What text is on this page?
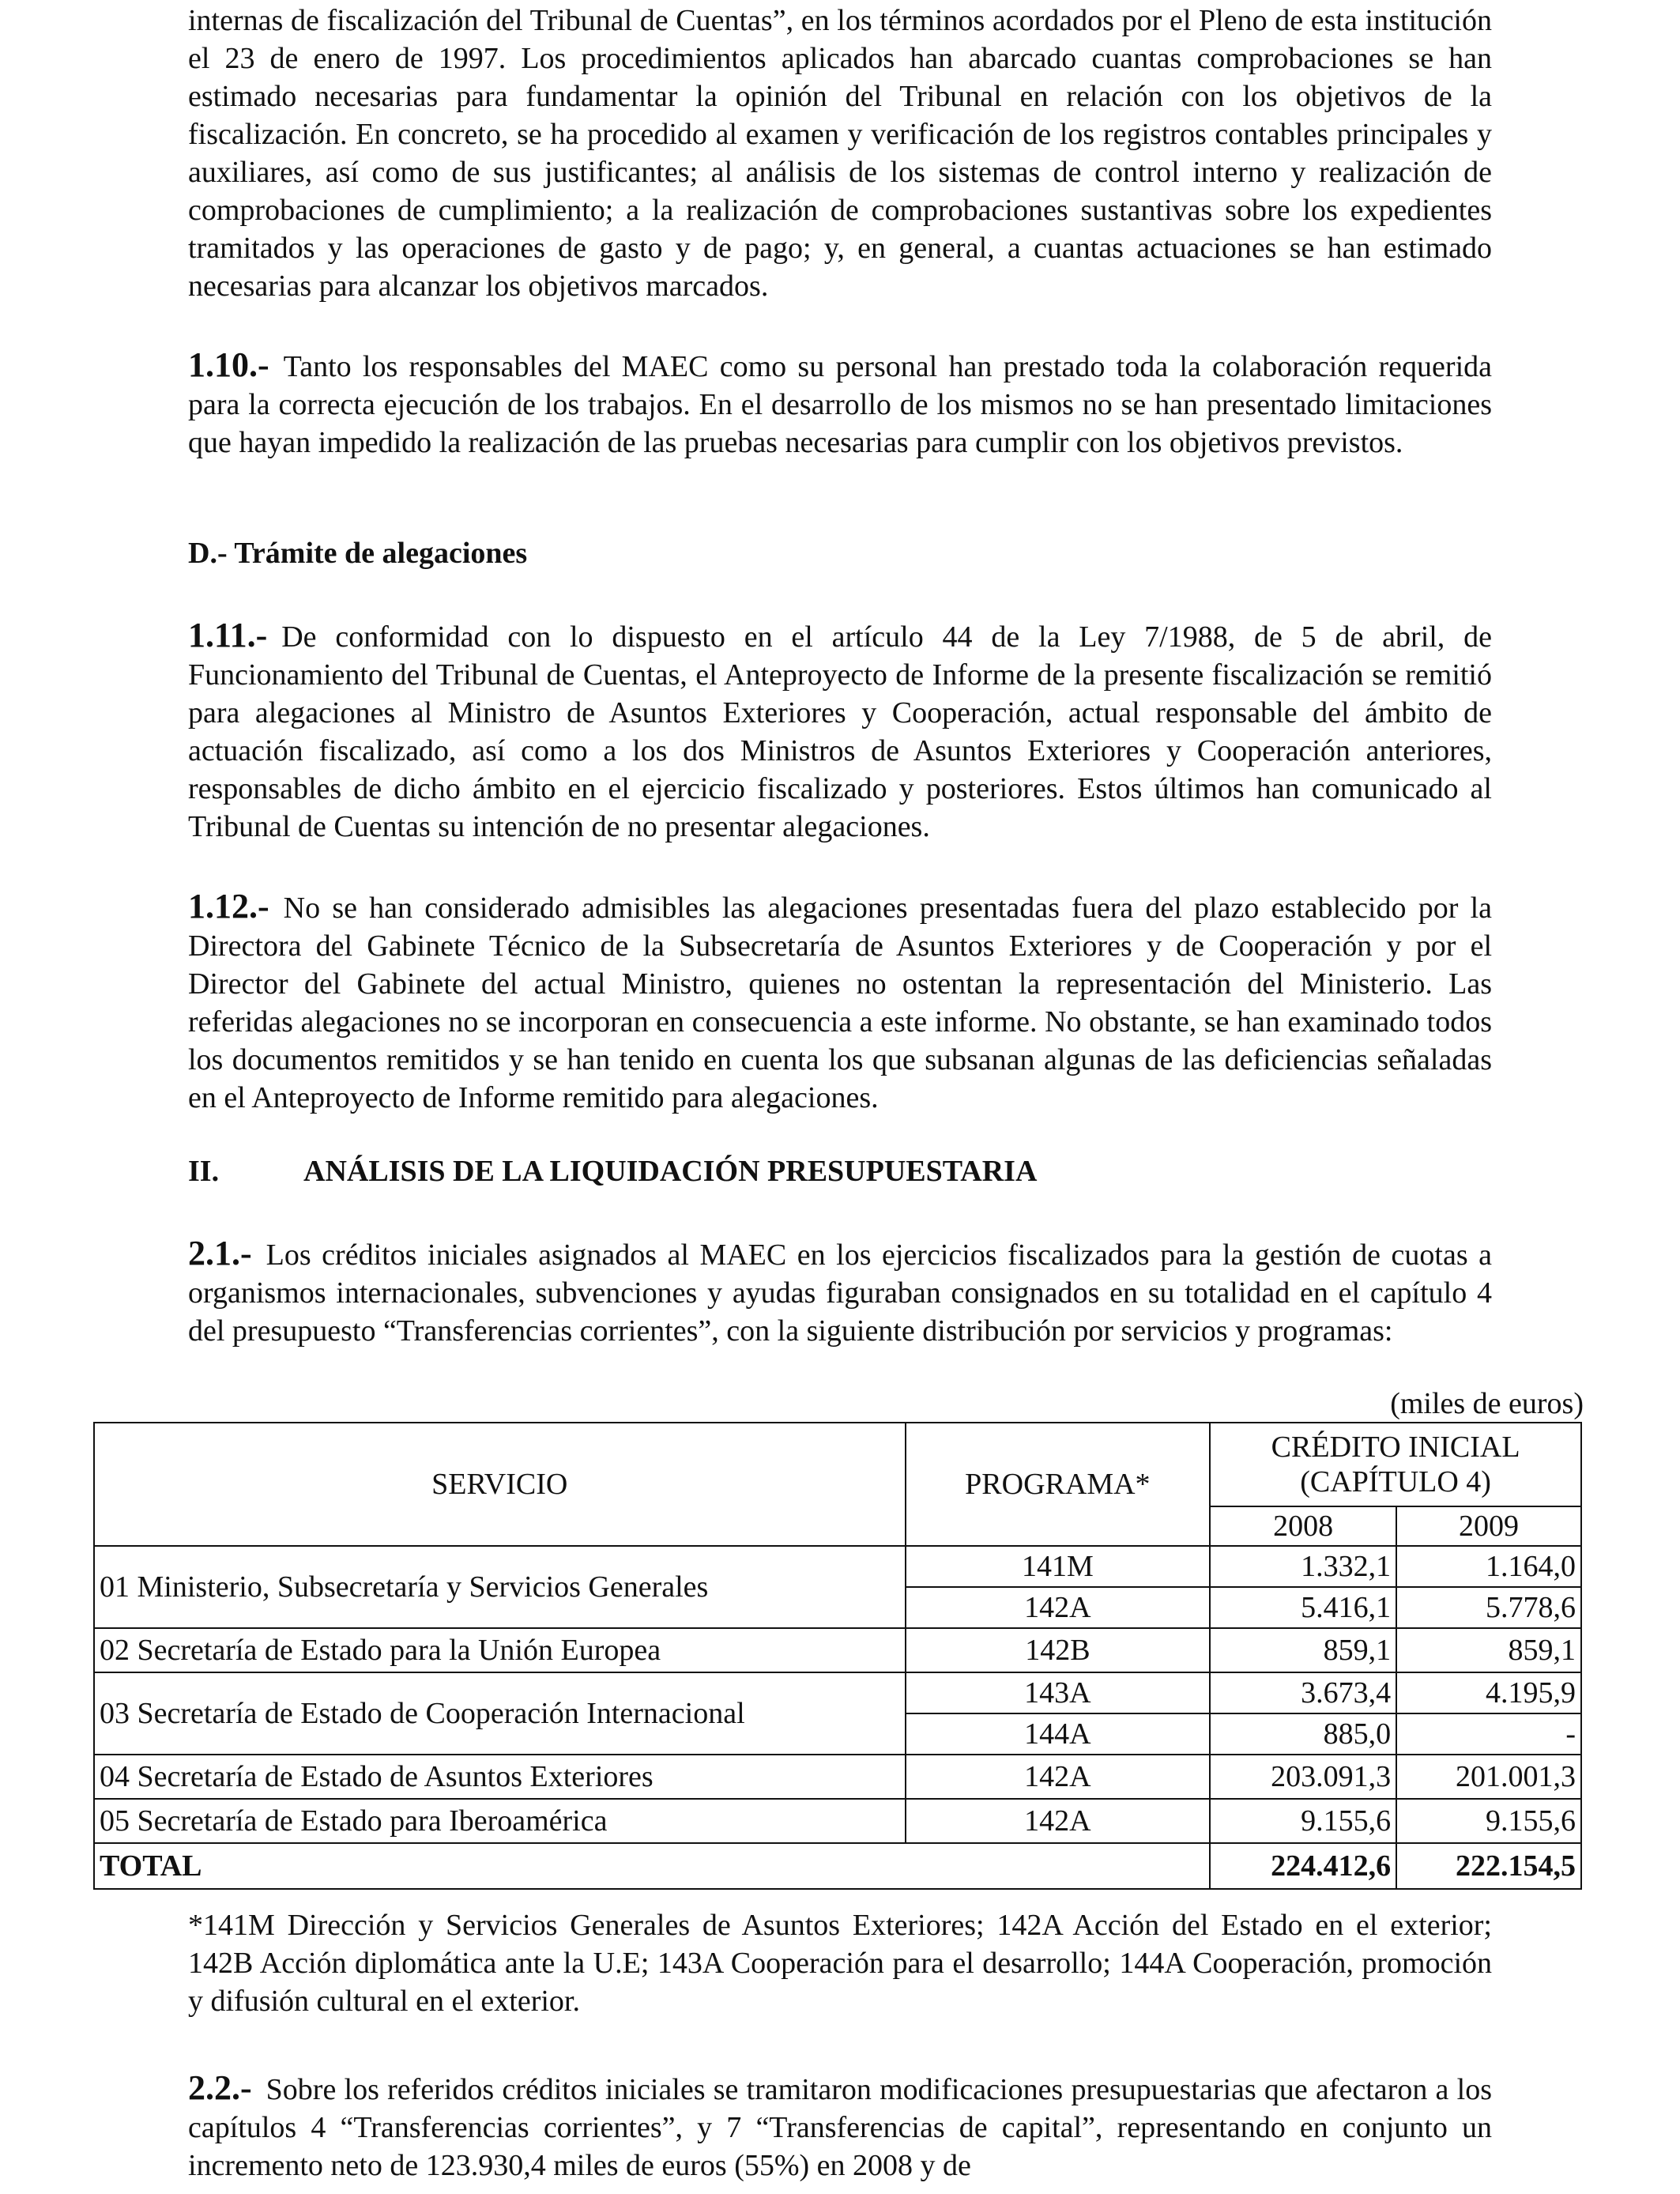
internas de fiscalización del Tribunal de Cuentas”, en los términos acordados por el Pleno de esta institución el 23 de enero de 1997. Los procedimientos aplicados han abarcado cuantas comprobaciones se han estimado necesarias para fundamentar la opinión del Tribunal en relación con los objetivos de la fiscalización. En concreto, se ha procedido al examen y verificación de los registros contables principales y auxiliares, así como de sus justificantes; al análisis de los sistemas de control interno y realización de comprobaciones de cumplimiento; a la realización de comprobaciones sustantivas sobre los expedientes tramitados y las operaciones de gasto y de pago; y, en general, a cuantas actuaciones se han estimado necesarias para alcanzar los objetivos marcados.
1.10.- Tanto los responsables del MAEC como su personal han prestado toda la colaboración requerida para la correcta ejecución de los trabajos. En el desarrollo de los mismos no se han presentado limitaciones que hayan impedido la realización de las pruebas necesarias para cumplir con los objetivos previstos.
D.- Trámite de alegaciones
1.11.- De conformidad con lo dispuesto en el artículo 44 de la Ley 7/1988, de 5 de abril, de Funcionamiento del Tribunal de Cuentas, el Anteproyecto de Informe de la presente fiscalización se remitió para alegaciones al Ministro de Asuntos Exteriores y Cooperación, actual responsable del ámbito de actuación fiscalizado, así como a los dos Ministros de Asuntos Exteriores y Cooperación anteriores, responsables de dicho ámbito en el ejercicio fiscalizado y posteriores. Estos últimos han comunicado al Tribunal de Cuentas su intención de no presentar alegaciones.
1.12.- No se han considerado admisibles las alegaciones presentadas fuera del plazo establecido por la Directora del Gabinete Técnico de la Subsecretaría de Asuntos Exteriores y de Cooperación y por el Director del Gabinete del actual Ministro, quienes no ostentan la representación del Ministerio. Las referidas alegaciones no se incorporan en consecuencia a este informe. No obstante, se han examinado todos los documentos remitidos y se han tenido en cuenta los que subsanan algunas de las deficiencias señaladas en el Anteproyecto de Informe remitido para alegaciones.
II.	ANÁLISIS DE LA LIQUIDACIÓN PRESUPUESTARIA
2.1.- Los créditos iniciales asignados al MAEC en los ejercicios fiscalizados para la gestión de cuotas a organismos internacionales, subvenciones y ayudas figuraban consignados en su totalidad en el capítulo 4 del presupuesto “Transferencias corrientes”, con la siguiente distribución por servicios y programas:
(miles de euros)
SERVICIO	PROGRAMA*	CRÉDITO INICIAL
(CAPÍTULO 4)	

		2008	2009
01 Ministerio, Subsecretaría y Servicios Generales	141M	1.332,1	1.164,0
	142A	5.416,1	5.778,6
02 Secretaría de Estado para la Unión Europea	142B	859,1	859,1
03 Secretaría de Estado de Cooperación Internacional	143A	3.673,4	4.195,9
	144A	885,0	-
04 Secretaría de Estado de Asuntos Exteriores	142A	203.091,3	201.001,3
05 Secretaría de Estado para Iberoamérica	142A	9.155,6	9.155,6
TOTAL		224.412,6	222.154,5
*141M Dirección y Servicios Generales de Asuntos Exteriores; 142A Acción del Estado en el exterior; 142B Acción diplomática ante la U.E; 143A Cooperación para el desarrollo; 144A Cooperación, promoción y difusión cultural en el exterior.
2.2.- Sobre los referidos créditos iniciales se tramitaron modificaciones presupuestarias que afectaron a los capítulos 4 “Transferencias corrientes”, y 7 “Transferencias de capital”, representando en conjunto un incremento neto de 123.930,4 miles de euros (55%) en 2008 y de
